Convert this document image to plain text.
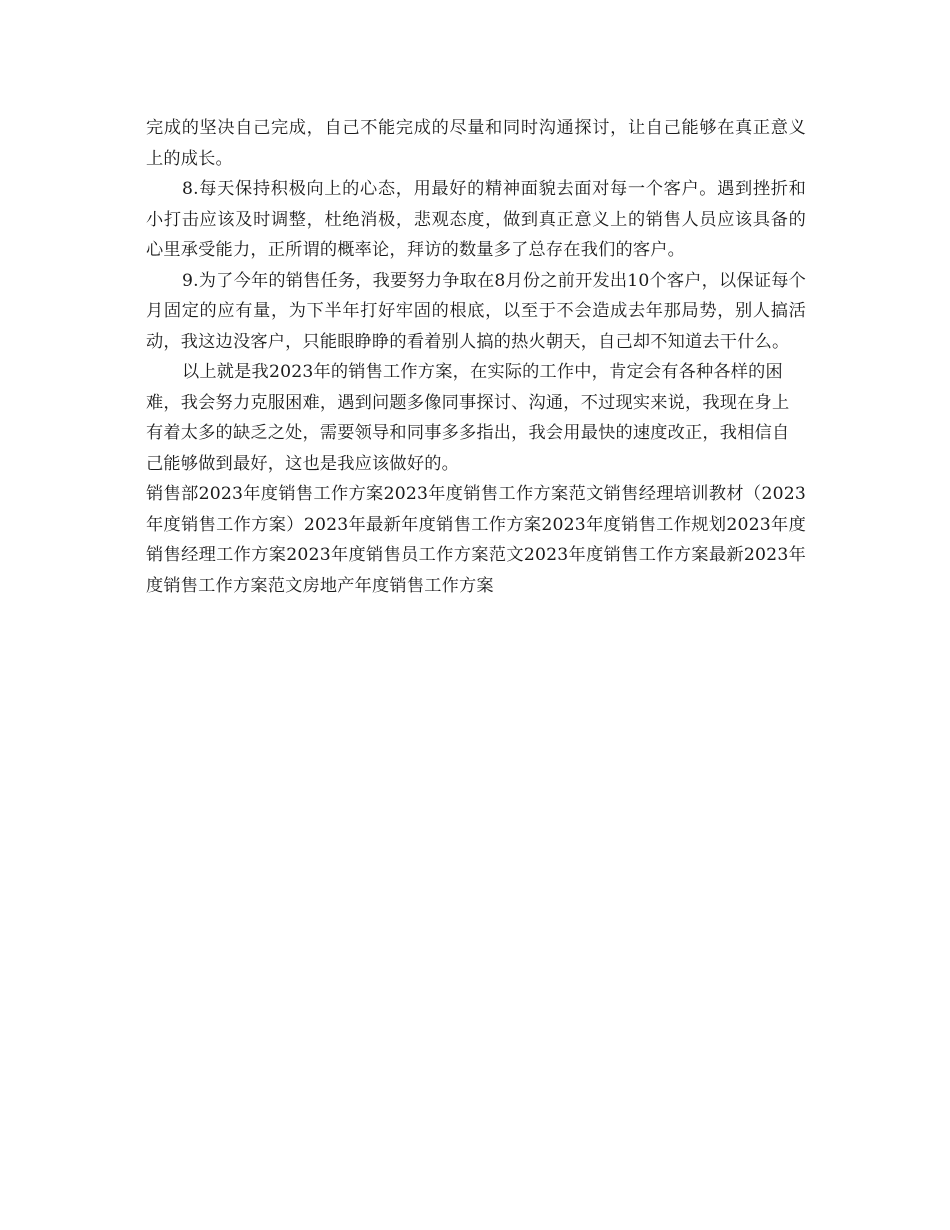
完成的坚决自己完成，自己不能完成的尽量和同时沟通探讨，让自己能够在真正意义上的成长。

8.每天保持积极向上的心态，用最好的精神面貌去面对每一个客户。遇到挫折和小打击应该及时调整，杜绝消极，悲观态度，做到真正意义上的销售人员应该具备的心里承受能力，正所谓的概率论，拜访的数量多了总存在我们的客户。

9.为了今年的销售任务，我要努力争取在8月份之前开发出10个客户，以保证每个月固定的应有量，为下半年打好牢固的根底，以至于不会造成去年那局势，别人搞活动，我这边没客户，只能眼睁睁的看着别人搞的热火朝天，自己却不知道去干什么。

以上就是我2023年的销售工作方案，在实际的工作中，肯定会有各种各样的困难，我会努力克服困难，遇到问题多像同事探讨、沟通，不过现实来说，我现在身上有着太多的缺乏之处，需要领导和同事多多指出，我会用最快的速度改正，我相信自己能够做到最好，这也是我应该做好的。

销售部2023年度销售工作方案2023年度销售工作方案范文销售经理培训教材（2023年度销售工作方案）2023年最新年度销售工作方案2023年度销售工作规划2023年度销售经理工作方案2023年度销售员工作方案范文2023年度销售工作方案最新2023年度销售工作方案范文房地产年度销售工作方案
